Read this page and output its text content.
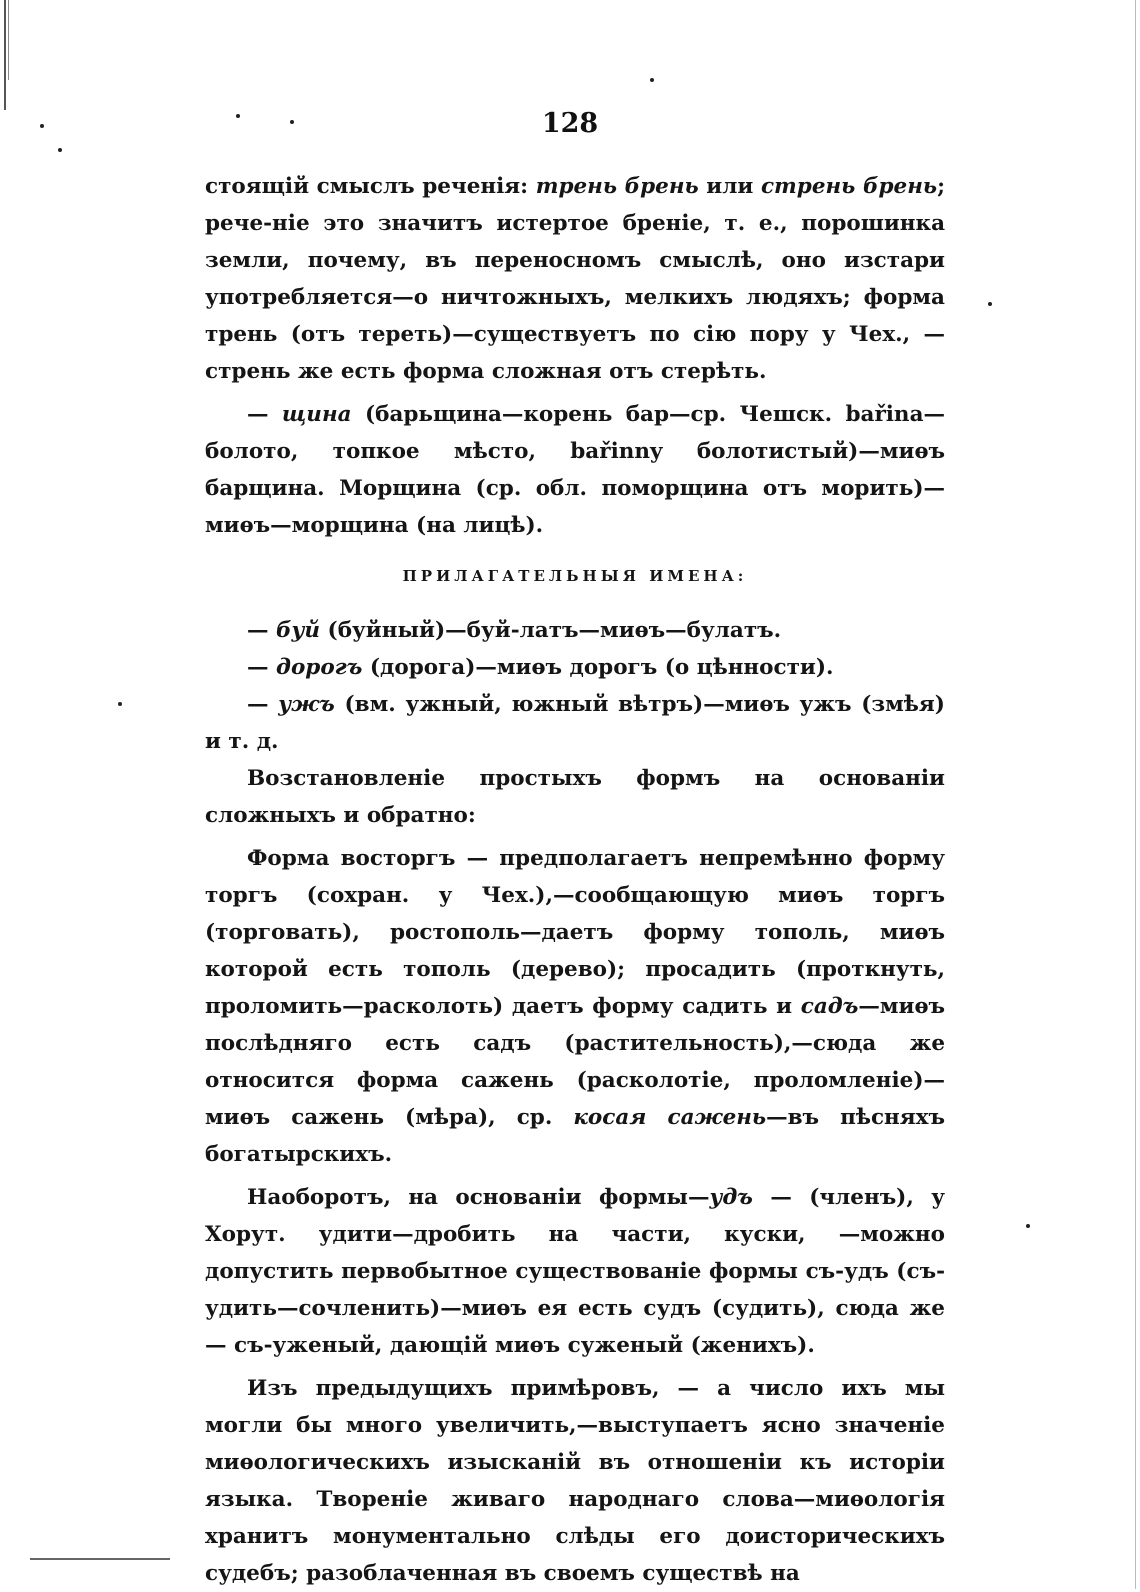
128

стоящій смыслъ реченія: трень брень или стрень брень; рече-ніе это значитъ истертое бреніе, т. е., порошинка земли, почему, въ переносномъ смыслѣ, оно изстари употребляется—о ничтожныхъ, мелкихъ людяхъ; форма трень (отъ тереть)—существуетъ по сію пору у Чех., — стрень же есть форма сложная отъ стерѣть.

— щина (барьщина—корень бар—ср. Чешск. bařina—болото, топкое мѣсто, bařinny болотистый)—миѳъ барщина. Морщина (ср. обл. поморщина отъ морить)—миѳъ—морщина (на лицѣ).

ПРИЛАГАТЕЛЬНЫЯ ИМЕНА:

— буй (буйный)—буй-латъ—миѳъ—булатъ.

— дорогъ (дорога)—миѳъ дорогъ (о цѣнности).

— ужъ (вм. ужный, южный вѣтръ)—миѳъ ужъ (змѣя) и т. д.

Возстановленіе простыхъ формъ на основаніи сложныхъ и обратно:

Форма восторгъ — предполагаетъ непремѣнно форму торгъ (сохран. у Чех.),—сообщающую миѳъ торгъ (торговать), ростополь—даетъ форму тополь, миѳъ которой есть тополь (дерево); просадить (проткнуть, проломить—расколоть) даетъ форму садить и садъ—миѳъ послѣдняго есть садъ (растительность),—сюда же относится форма сажень (расколотіе, проломленіе)—миѳъ сажень (мѣра), ср. косая сажень—въ пѣсняхъ богатырскихъ.

Наоборотъ, на основаніи формы—удъ — (членъ), у Хорут. удити—дробить на части, куски, —можно допустить первобытное существованіе формы съ-удъ (съ-удить—сочленить)—миѳъ ея есть судъ (судить), сюда же — съ-уженый, дающій миѳъ суженый (женихъ).

Изъ предыдущихъ примѣровъ, — а число ихъ мы могли бы много увеличить,—выступаетъ ясно значеніе миѳологическихъ изысканій въ отношеніи къ исторіи языка. Твореніе живаго народнаго слова—миѳологія хранитъ монументально слѣды его доисторическихъ судебъ; разоблаченная въ своемъ существѣ на
